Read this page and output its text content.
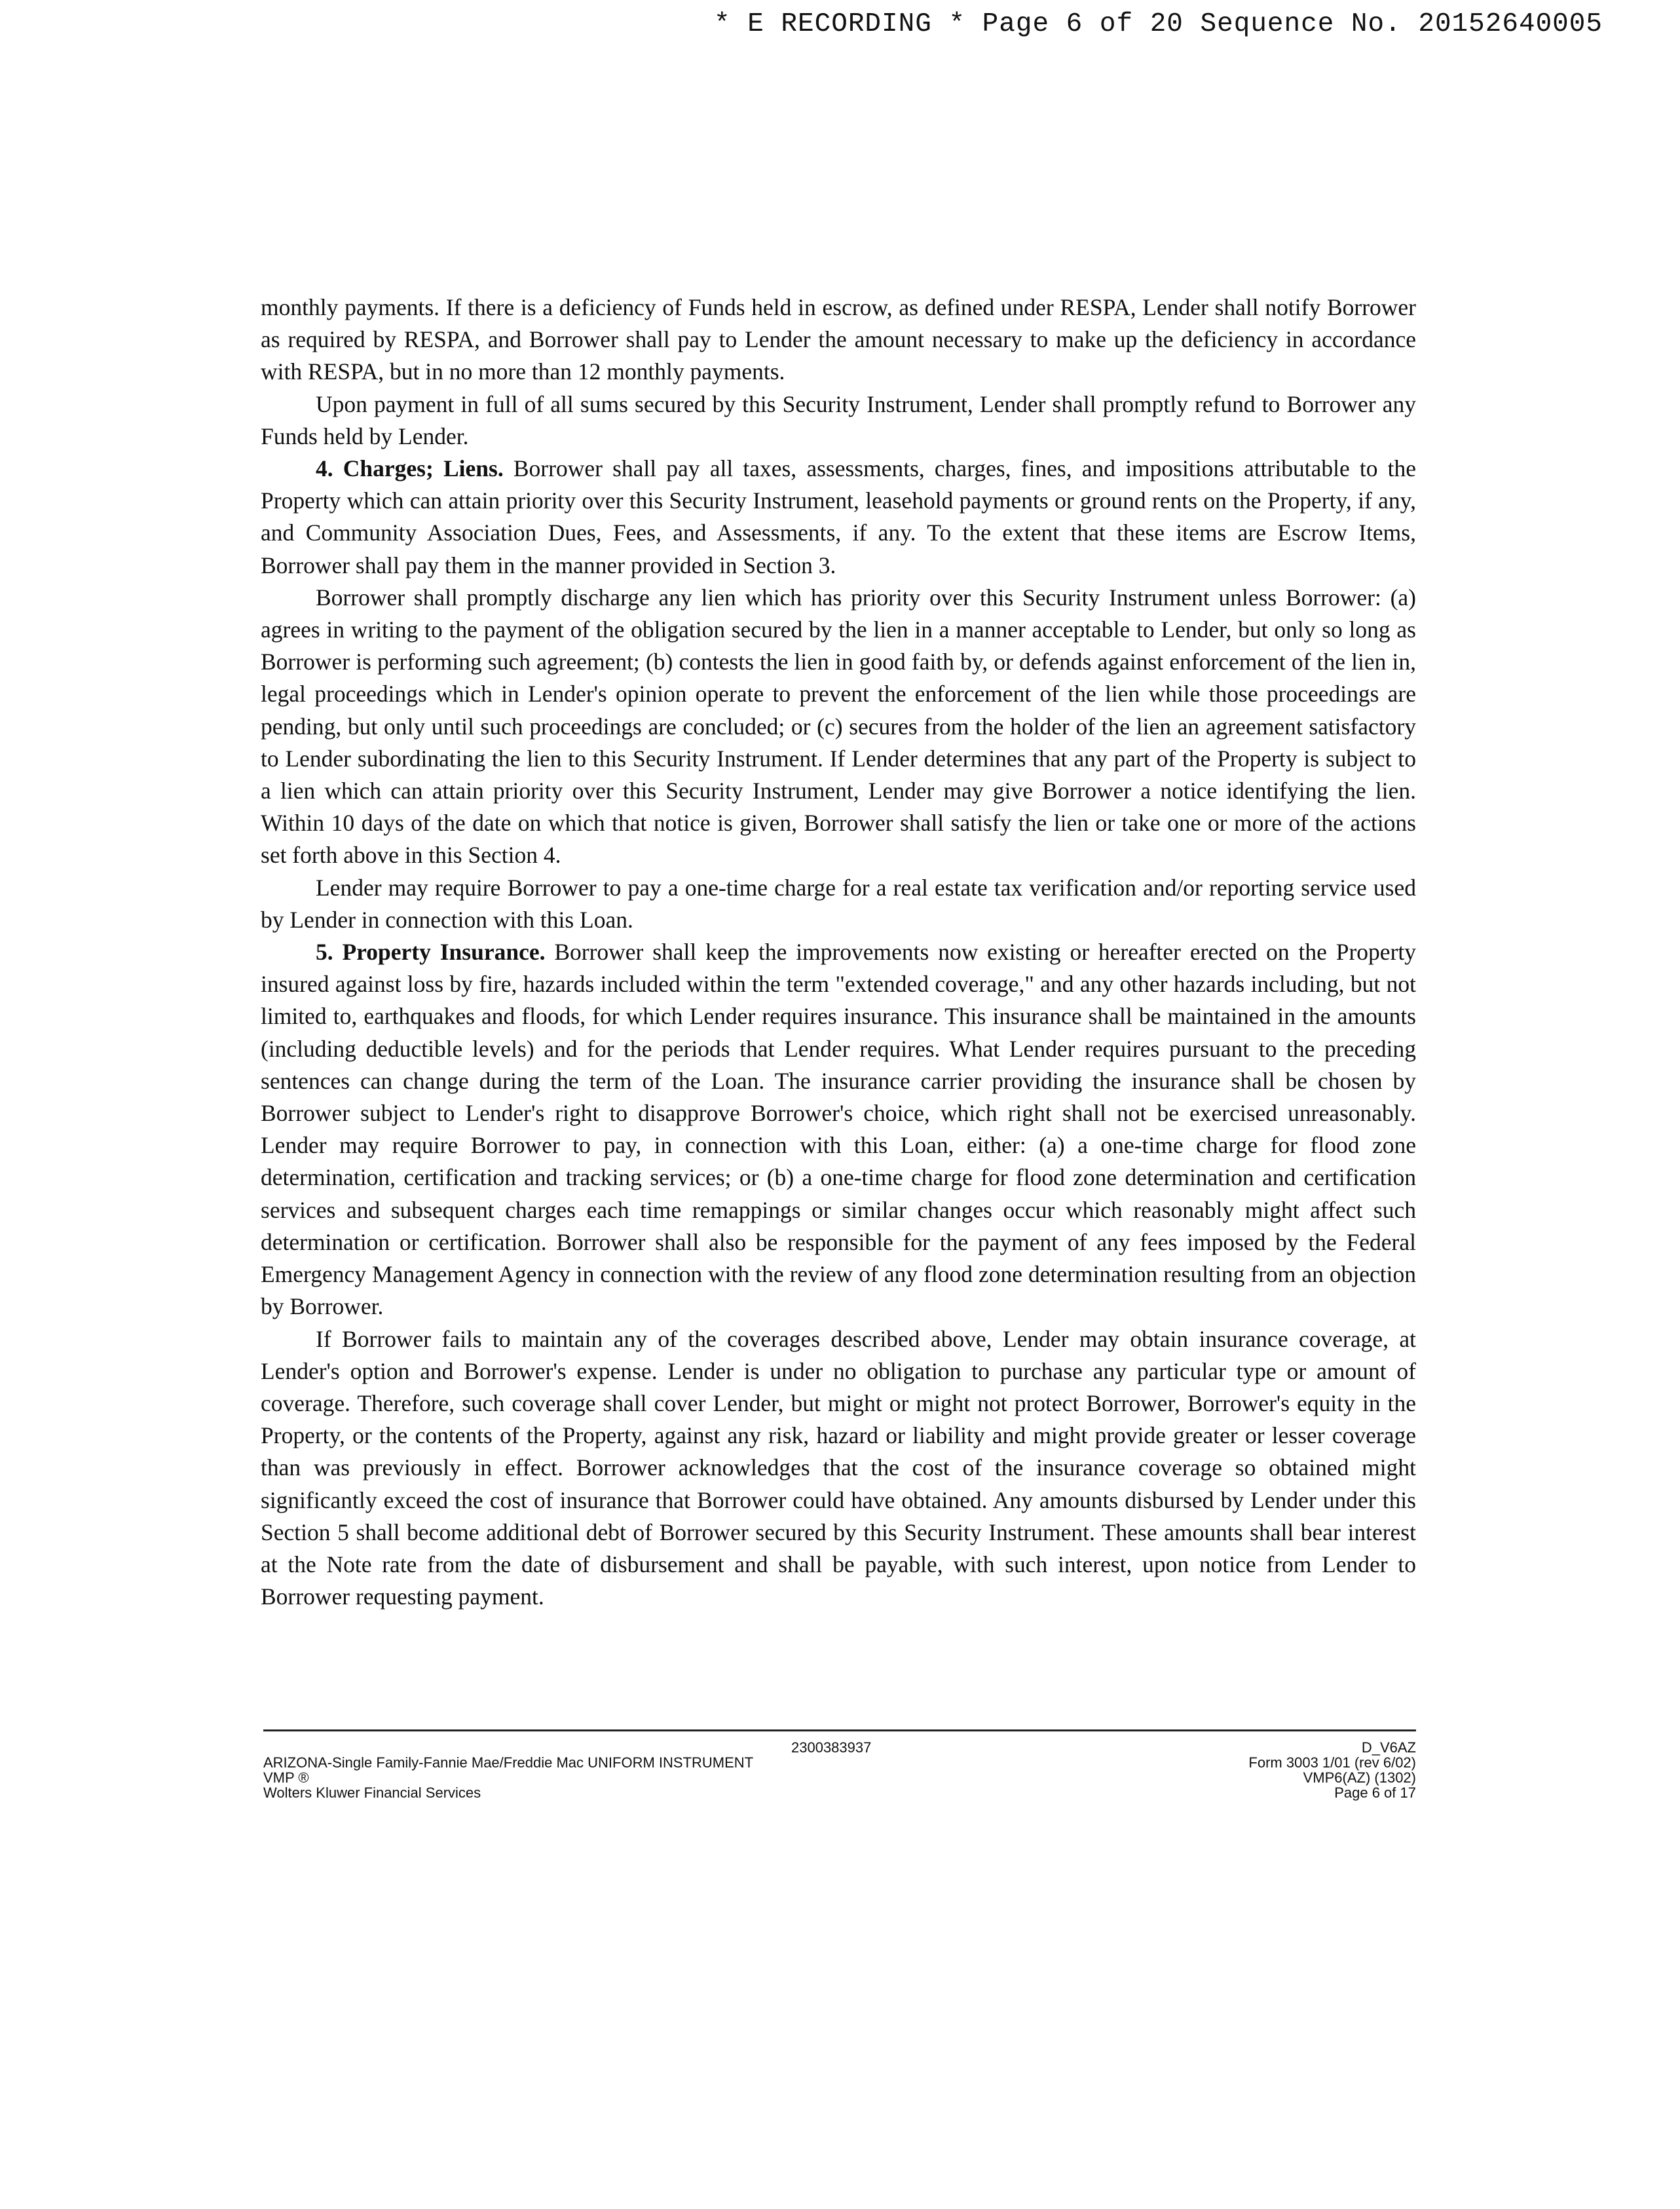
* E RECORDING * Page 6 of 20 Sequence No. 20152640005

monthly payments. If there is a deficiency of Funds held in escrow, as defined under RESPA, Lender shall notify Borrower as required by RESPA, and Borrower shall pay to Lender the amount necessary to make up the deficiency in accordance with RESPA, but in no more than 12 monthly payments.

Upon payment in full of all sums secured by this Security Instrument, Lender shall promptly refund to Borrower any Funds held by Lender.

4. Charges; Liens. Borrower shall pay all taxes, assessments, charges, fines, and impositions attributable to the Property which can attain priority over this Security Instrument, leasehold payments or ground rents on the Property, if any, and Community Association Dues, Fees, and Assessments, if any. To the extent that these items are Escrow Items, Borrower shall pay them in the manner provided in Section 3.

Borrower shall promptly discharge any lien which has priority over this Security Instrument unless Borrower: (a) agrees in writing to the payment of the obligation secured by the lien in a manner acceptable to Lender, but only so long as Borrower is performing such agreement; (b) contests the lien in good faith by, or defends against enforcement of the lien in, legal proceedings which in Lender's opinion operate to prevent the enforcement of the lien while those proceedings are pending, but only until such proceedings are concluded; or (c) secures from the holder of the lien an agreement satisfactory to Lender subordinating the lien to this Security Instrument. If Lender determines that any part of the Property is subject to a lien which can attain priority over this Security Instrument, Lender may give Borrower a notice identifying the lien. Within 10 days of the date on which that notice is given, Borrower shall satisfy the lien or take one or more of the actions set forth above in this Section 4.

Lender may require Borrower to pay a one-time charge for a real estate tax verification and/or reporting service used by Lender in connection with this Loan.

5. Property Insurance. Borrower shall keep the improvements now existing or hereafter erected on the Property insured against loss by fire, hazards included within the term "extended coverage," and any other hazards including, but not limited to, earthquakes and floods, for which Lender requires insurance. This insurance shall be maintained in the amounts (including deductible levels) and for the periods that Lender requires. What Lender requires pursuant to the preceding sentences can change during the term of the Loan. The insurance carrier providing the insurance shall be chosen by Borrower subject to Lender's right to disapprove Borrower's choice, which right shall not be exercised unreasonably. Lender may require Borrower to pay, in connection with this Loan, either: (a) a one-time charge for flood zone determination, certification and tracking services; or (b) a one-time charge for flood zone determination and certification services and subsequent charges each time remappings or similar changes occur which reasonably might affect such determination or certification. Borrower shall also be responsible for the payment of any fees imposed by the Federal Emergency Management Agency in connection with the review of any flood zone determination resulting from an objection by Borrower.

If Borrower fails to maintain any of the coverages described above, Lender may obtain insurance coverage, at Lender's option and Borrower's expense. Lender is under no obligation to purchase any particular type or amount of coverage. Therefore, such coverage shall cover Lender, but might or might not protect Borrower, Borrower's equity in the Property, or the contents of the Property, against any risk, hazard or liability and might provide greater or lesser coverage than was previously in effect. Borrower acknowledges that the cost of the insurance coverage so obtained might significantly exceed the cost of insurance that Borrower could have obtained. Any amounts disbursed by Lender under this Section 5 shall become additional debt of Borrower secured by this Security Instrument. These amounts shall bear interest at the Note rate from the date of disbursement and shall be payable, with such interest, upon notice from Lender to Borrower requesting payment.

2300383937
ARIZONA-Single Family-Fannie Mae/Freddie Mac UNIFORM INSTRUMENT
VMP ®
Wolters Kluwer Financial Services
D_V6AZ
Form 3003 1/01 (rev 6/02)
VMP6(AZ) (1302)
Page 6 of 17
